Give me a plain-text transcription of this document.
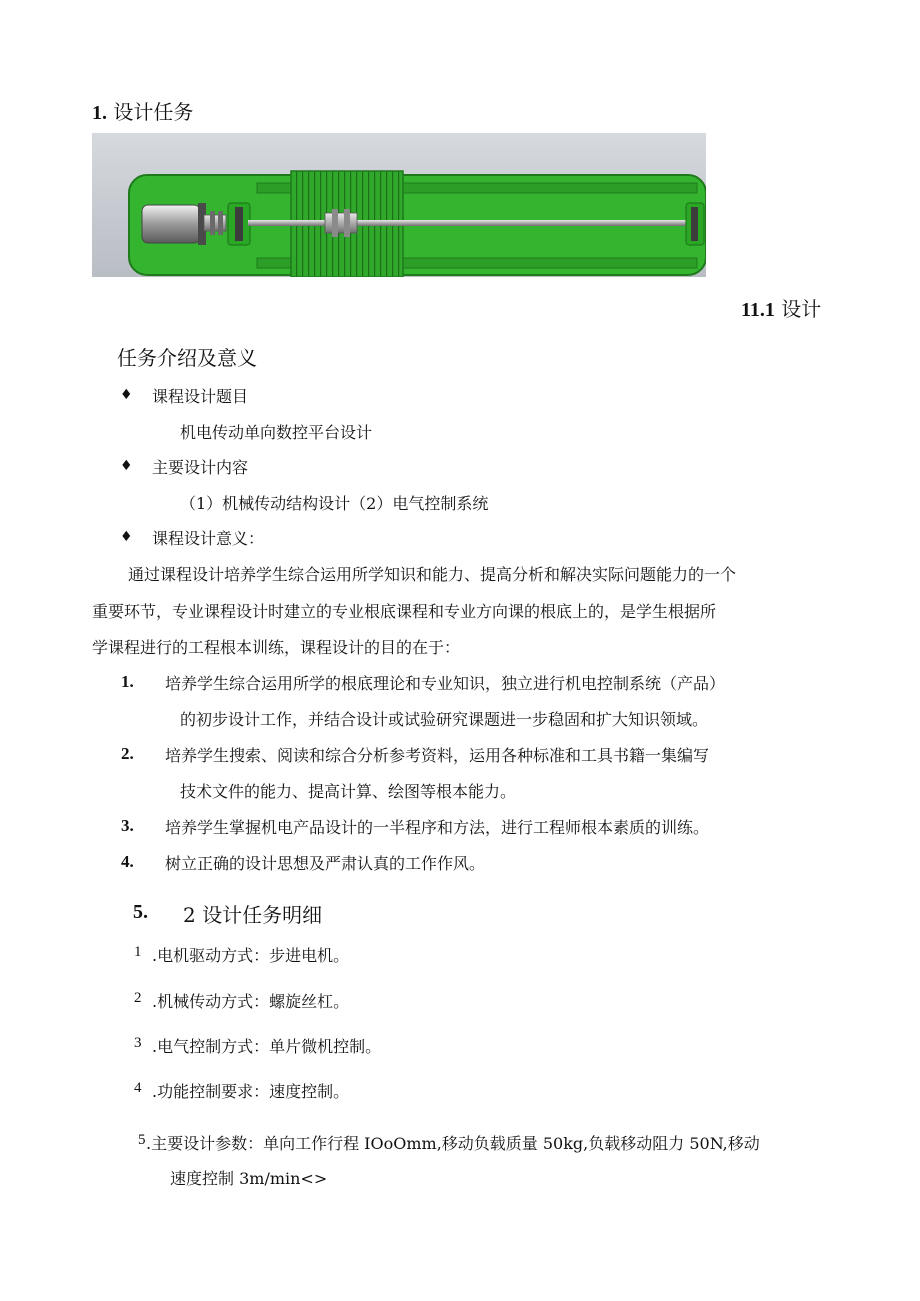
1. 设计任务
11.1 设计
任务介绍及意义
♦ 课程设计题目
机电传动单向数控平台设计
♦ 主要设计内容
（1）机械传动结构设计（2）电气控制系统
♦ 课程设计意义：
通过课程设计培养学生综合运用所学知识和能力、提高分析和解决实际问题能力的一个
重要环节，专业课程设计时建立的专业根底课程和专业方向课的根底上的，是学生根据所
学课程进行的工程根本训练，课程设计的目的在于：
1. 培养学生综合运用所学的根底理论和专业知识，独立进行机电控制系统（产品）
的初步设计工作，并结合设计或试验研究课题进一步稳固和扩大知识领域。
2. 培养学生搜索、阅读和综合分析参考资料，运用各种标准和工具书籍一集编写
技术文件的能力、提高计算、绘图等根本能力。
3. 培养学生掌握机电产品设计的一半程序和方法，进行工程师根本素质的训练。
4. 树立正确的设计思想及严肃认真的工作作风。
5. 2 设计任务明细
1 .电机驱动方式：步进电机。
2 .机械传动方式：螺旋丝杠。
3 .电气控制方式：单片微机控制。
4 .功能控制要求：速度控制。
5 .主要设计参数：单向工作行程 IOoOmm,移动负载质量 50kg,负载移动阻力 50N,移动
速度控制 3m/min<>
